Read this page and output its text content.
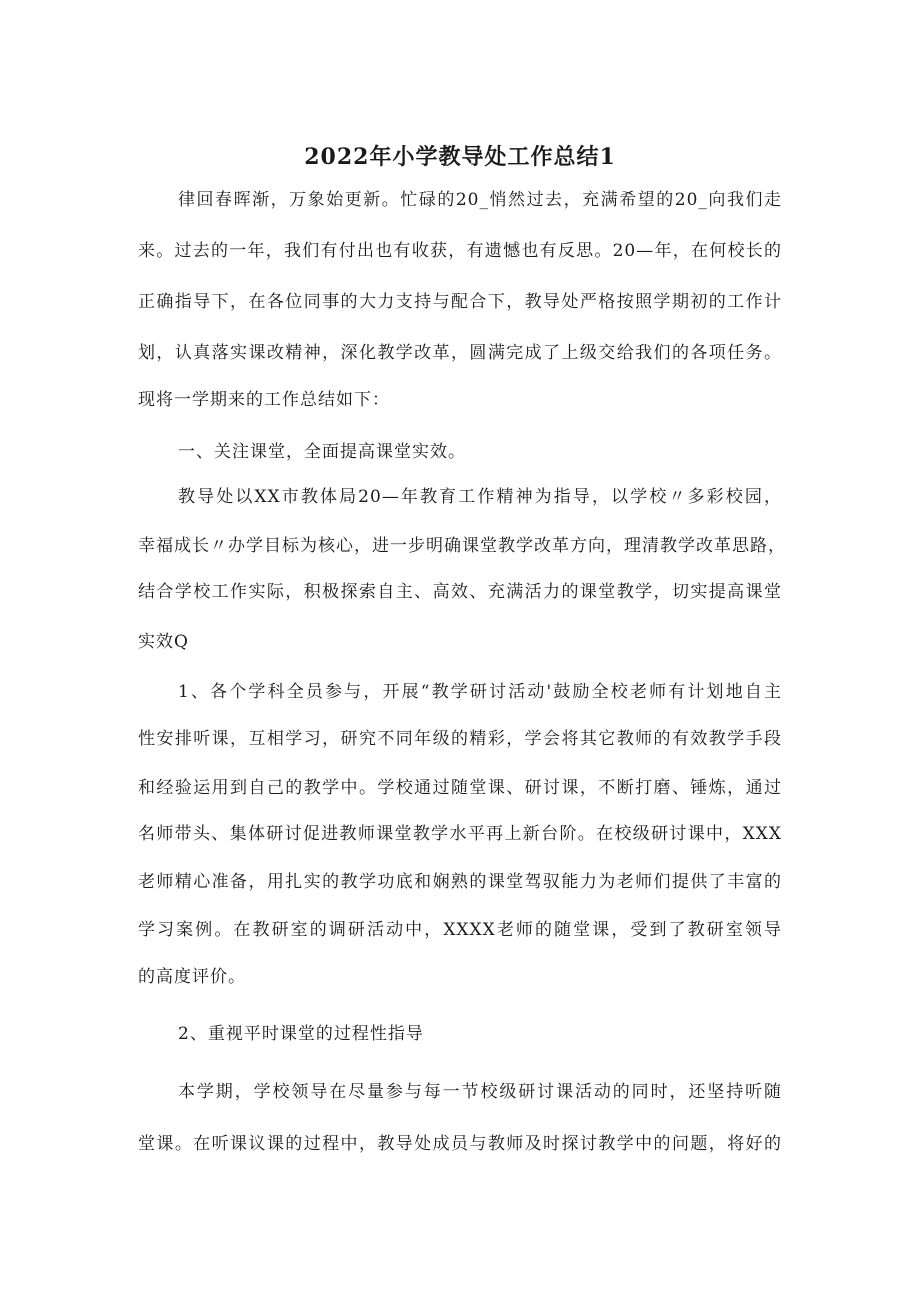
2022年小学教导处工作总结1
律回春晖渐，万象始更新。忙碌的20_悄然过去，充满希望的20_向我们走
来。过去的一年，我们有付出也有收获，有遗憾也有反思。20—年，在何校长的
正确指导下，在各位同事的大力支持与配合下，教导处严格按照学期初的工作计
划，认真落实课改精神，深化教学改革，圆满完成了上级交给我们的各项任务。
现将一学期来的工作总结如下：
一、关注课堂，全面提高课堂实效。
教导处以XX市教体局20—年教育工作精神为指导，以学校〃多彩校园，
幸福成长〃办学目标为核心，进一步明确课堂教学改革方向，理清教学改革思路，
结合学校工作实际，积极探索自主、高效、充满活力的课堂教学，切实提高课堂
实效Q
1、各个学科全员参与，开展“教学研讨活动'鼓励全校老师有计划地自主
性安排听课，互相学习，研究不同年级的精彩，学会将其它教师的有效教学手段
和经验运用到自己的教学中。学校通过随堂课、研讨课，不断打磨、锤炼，通过
名师带头、集体研讨促进教师课堂教学水平再上新台阶。在校级研讨课中，XXX
老师精心准备，用扎实的教学功底和娴熟的课堂驾驭能力为老师们提供了丰富的
学习案例。在教研室的调研活动中，XXXX老师的随堂课，受到了教研室领导
的高度评价。
2、重视平时课堂的过程性指导
本学期，学校领导在尽量参与每一节校级研讨课活动的同时，还坚持听随
堂课。在听课议课的过程中，教导处成员与教师及时探讨教学中的问题，将好的
